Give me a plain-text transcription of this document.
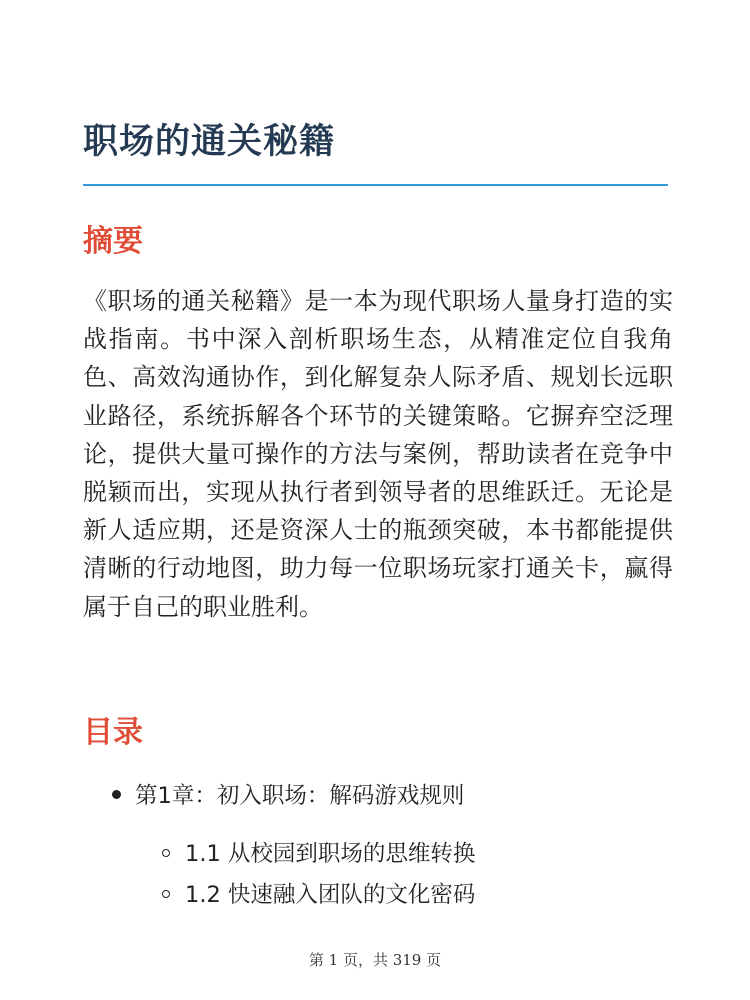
职场的通关秘籍
摘要

《职场的通关秘籍》是一本为现代职场人量身打造的实战指南。书中深入剖析职场生态，从精准定位自我角色、高效沟通协作，到化解复杂人际矛盾、规划长远职业路径，系统拆解各个环节的关键策略。它摒弃空泛理论，提供大量可操作的方法与案例，帮助读者在竞争中脱颖而出，实现从执行者到领导者的思维跃迁。无论是新人适应期，还是资深人士的瓶颈突破，本书都能提供清晰的行动地图，助力每一位职场玩家打通关卡，赢得属于自己的职业胜利。

目录
第1章：初入职场：解码游戏规则
1.1 从校园到职场的思维转换
1.2 快速融入团队的文化密码
第 1 页，共 319 页
